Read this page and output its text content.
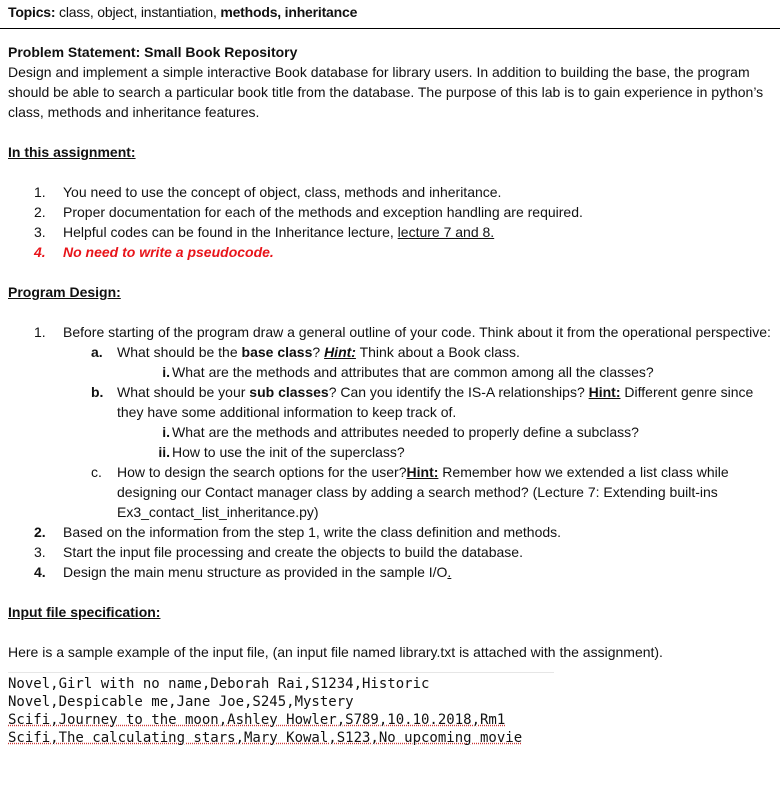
Topics: class, object, instantiation, methods, inheritance

Problem Statement: Small Book Repository

Design and implement a simple interactive Book database for library users. In addition to building the base, the program should be able to search a particular book title from the database. The purpose of this lab is to gain experience in python’s class, methods and inheritance features.

In this assignment:

1.	You need to use the concept of object, class, methods and inheritance.
2.	Proper documentation for each of the methods and exception handling are required.
3.	Helpful codes can be found in the Inheritance lecture, lecture 7 and 8.
4.	No need to write a pseudocode.

Program Design:

1.	Before starting of the program draw a general outline of your code. Think about it from the operational perspective:
a.	What should be the base class? Hint: Think about a Book class.
i. What are the methods and attributes that are common among all the classes?
b. What should be your sub classes? Can you identify the IS-A relationships? Hint: Different genre since they have some additional information to keep track of.
i. What are the methods and attributes needed to properly define a subclass?
ii. How to use the init of the superclass?
c.	How to design the search options for the user?Hint: Remember how we extended a list class while designing our Contact manager class by adding a search method? (Lecture 7: Extending built-ins Ex3_contact_list_inheritance.py)
2.	Based on the information from the step 1, write the class definition and methods.
3.	Start the input file processing and create the objects to build the database.
4.	Design the main menu structure as provided in the sample I/O.

Input file specification:

Here is a sample example of the input file, (an input file named library.txt is attached with the assignment).

Novel,Girl with no name,Deborah Rai,S1234,Historic
Novel,Despicable me,Jane Joe,S245,Mystery
Scifi,Journey to the moon,Ashley Howler,S789,10.10.2018,Rm1
Scifi,The calculating stars,Mary Kowal,S123,No upcoming movie
